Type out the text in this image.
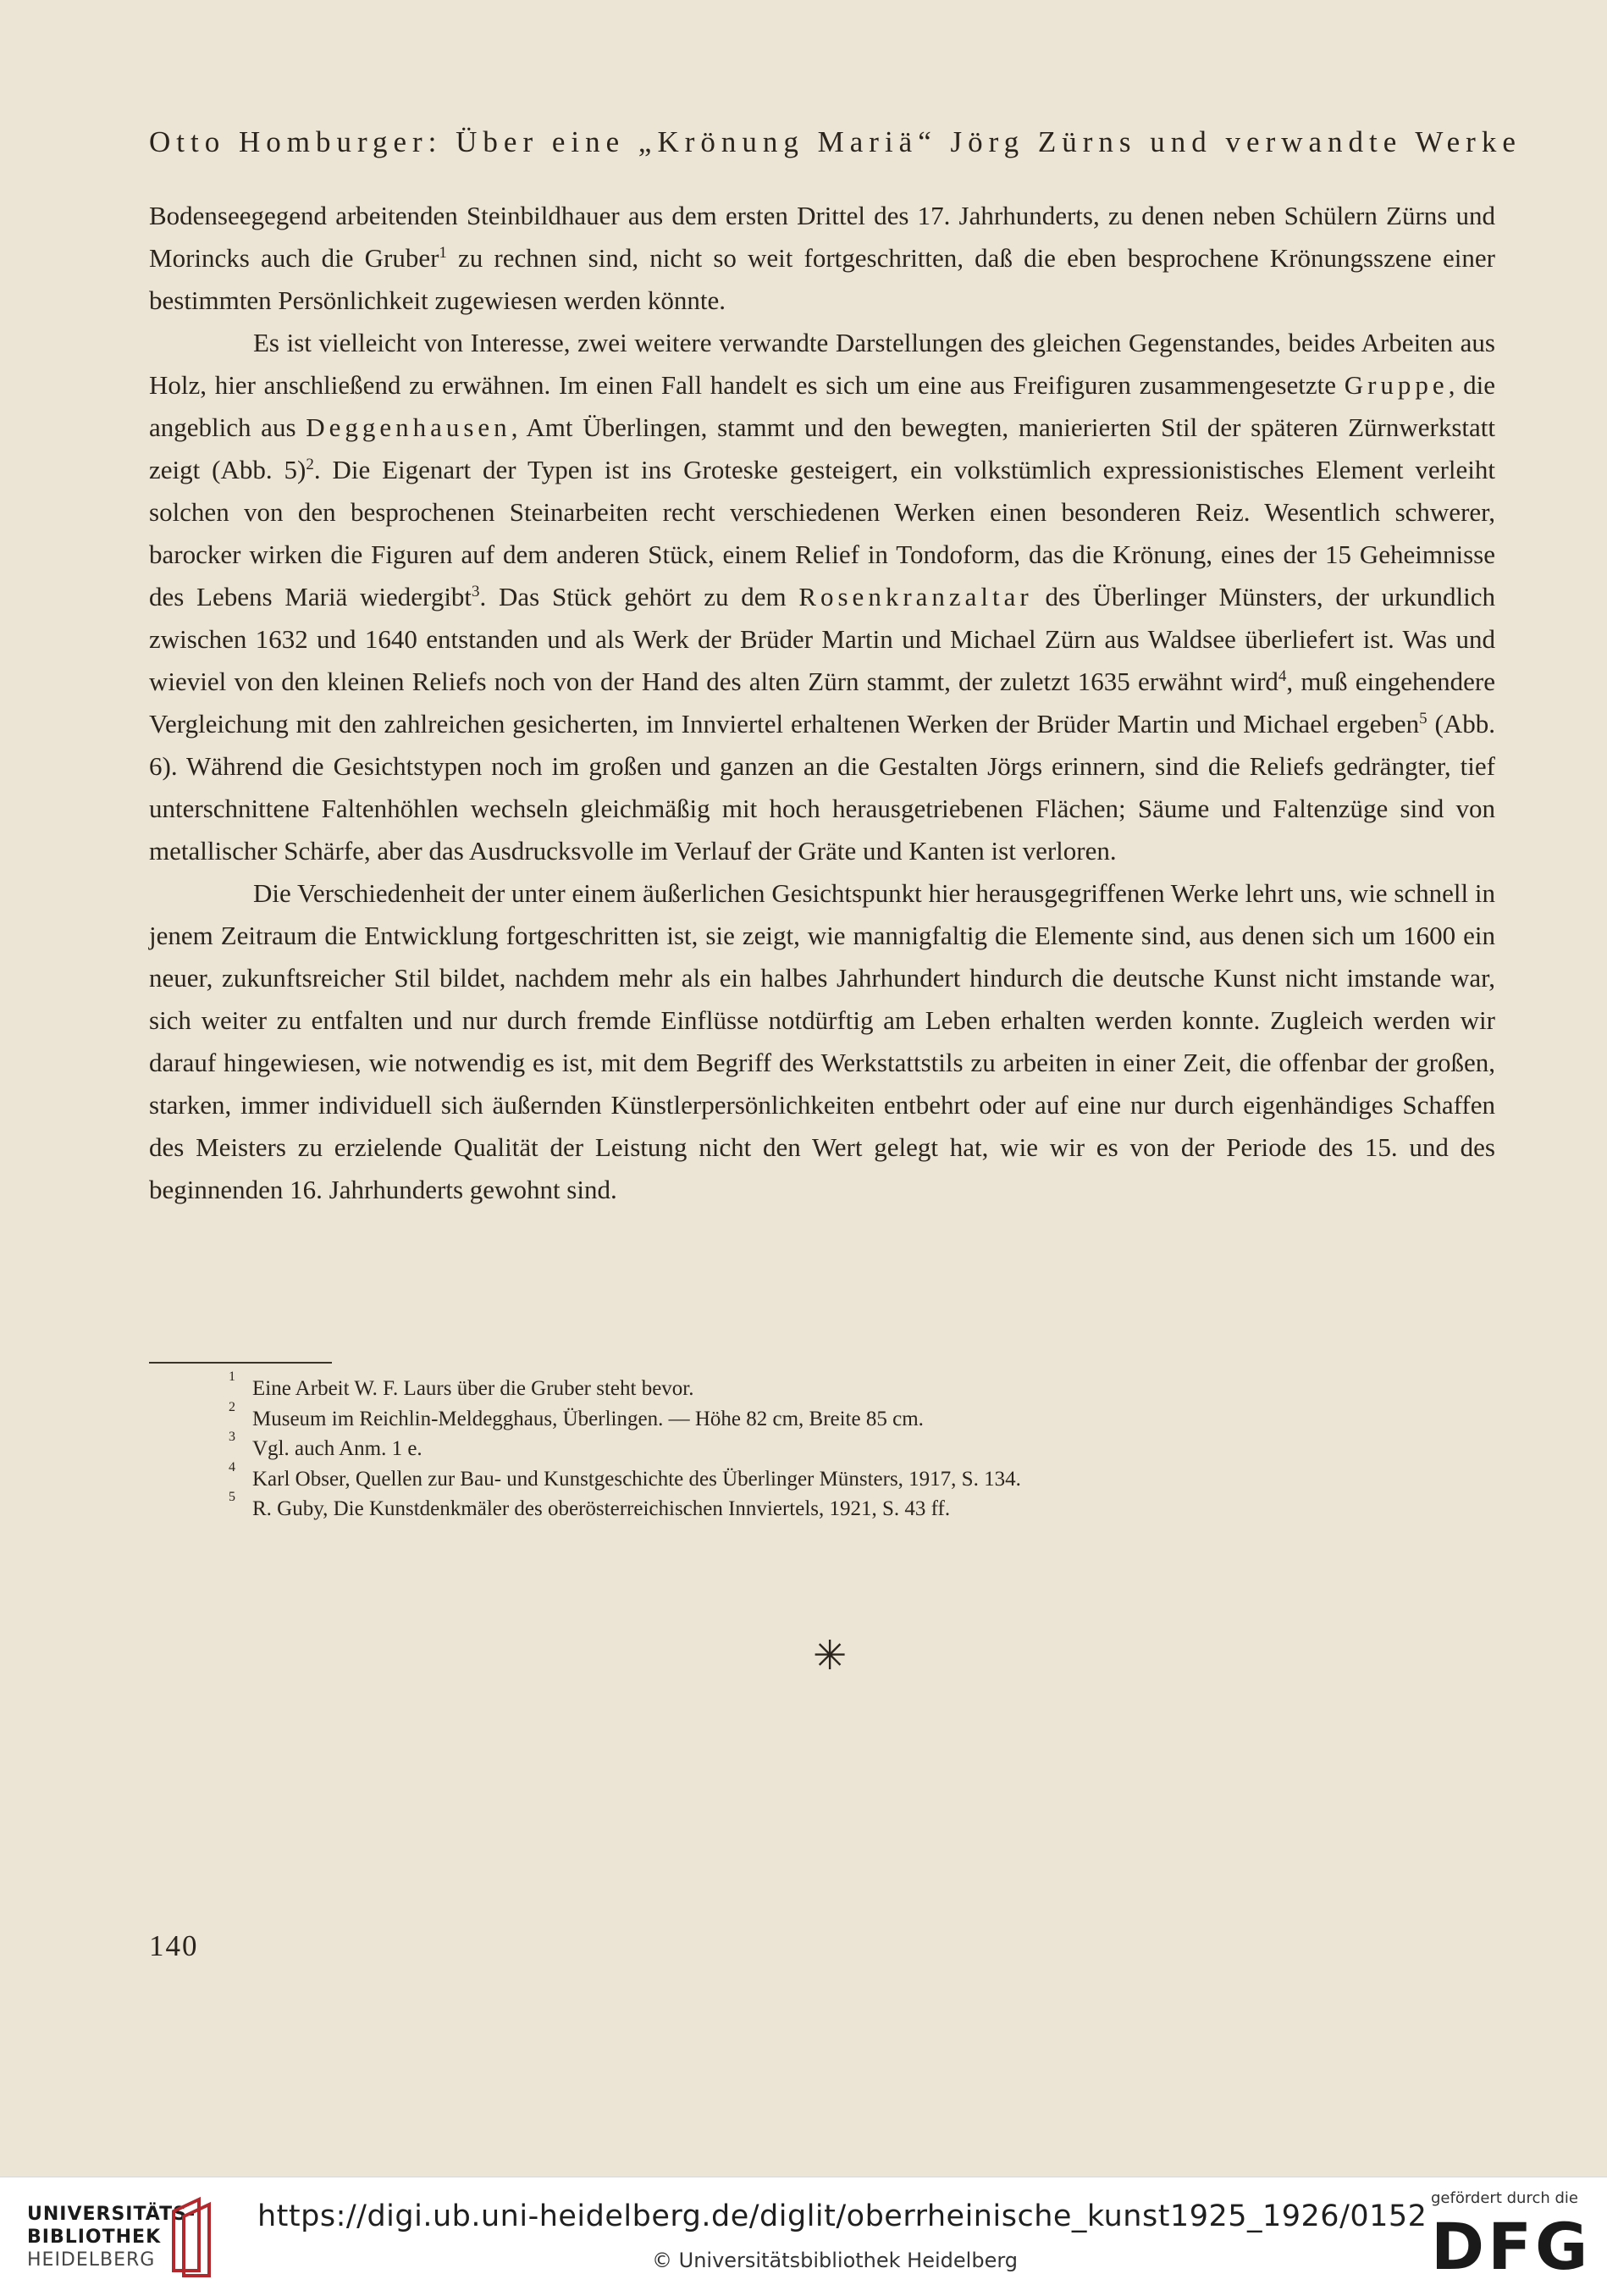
Otto Homburger: Über eine „Krönung Mariä“ Jörg Zürns und verwandte Werke

Bodenseegegend arbeitenden Steinbildhauer aus dem ersten Drittel des 17. Jahrhunderts, zu denen neben Schülern Zürns und Morincks auch die Gruber$^1$ zu rechnen sind, nicht so weit fortgeschritten, daß die eben besprochene Krönungsszene einer bestimmten Persönlichkeit zugewiesen werden könnte.

Es ist vielleicht von Interesse, zwei weitere verwandte Darstellungen des gleichen Gegenstandes, beides Arbeiten aus Holz, hier anschließend zu erwähnen. Im einen Fall handelt es sich um eine aus Freifiguren zusammengesetzte Gruppe, die angeblich aus Deggenhausen, Amt Überlingen, stammt und den bewegten, manierierten Stil der späteren Zürnwerkstatt zeigt (Abb. 5)$^2$. Die Eigenart der Typen ist ins Groteske gesteigert, ein volkstümlich expressionistisches Element verleiht solchen von den besprochenen Steinarbeiten recht verschiedenen Werken einen besonderen Reiz. Wesentlich schwerer, barocker wirken die Figuren auf dem anderen Stück, einem Relief in Tondoform, das die Krönung, eines der 15 Geheimnisse des Lebens Mariä wiedergibt$^3$. Das Stück gehört zu dem Rosenkranzaltar des Überlinger Münsters, der urkundlich zwischen 1632 und 1640 entstanden und als Werk der Brüder Martin und Michael Zürn aus Waldsee überliefert ist. Was und wieviel von den kleinen Reliefs noch von der Hand des alten Zürn stammt, der zuletzt 1635 erwähnt wird$^4$, muß eingehendere Vergleichung mit den zahlreichen gesicherten, im Innviertel erhaltenen Werken der Brüder Martin und Michael ergeben$^5$ (Abb. 6). Während die Gesichtstypen noch im großen und ganzen an die Gestalten Jörgs erinnern, sind die Reliefs gedrängter, tief unterschnittene Faltenhöhlen wechseln gleichmäßig mit hoch herausgetriebenen Flächen; Säume und Faltenzüge sind von metallischer Schärfe, aber das Ausdrucksvolle im Verlauf der Gräte und Kanten ist verloren.

Die Verschiedenheit der unter einem äußerlichen Gesichtspunkt hier herausgegriffenen Werke lehrt uns, wie schnell in jenem Zeitraum die Entwicklung fortgeschritten ist, sie zeigt, wie mannigfaltig die Elemente sind, aus denen sich um 1600 ein neuer, zukunftsreicher Stil bildet, nachdem mehr als ein halbes Jahrhundert hindurch die deutsche Kunst nicht imstande war, sich weiter zu entfalten und nur durch fremde Einflüsse notdürftig am Leben erhalten werden konnte. Zugleich werden wir darauf hingewiesen, wie notwendig es ist, mit dem Begriff des Werkstattstils zu arbeiten in einer Zeit, die offenbar der großen, starken, immer individuell sich äußernden Künstlerpersönlichkeiten entbehrt oder auf eine nur durch eigenhändiges Schaffen des Meisters zu erzielende Qualität der Leistung nicht den Wert gelegt hat, wie wir es von der Periode des 15. und des beginnenden 16. Jahrhunderts gewohnt sind.

1
Eine Arbeit W. F. Laurs über die Gruber steht bevor.
2
Museum im Reichlin-Meldegghaus, Überlingen. — Höhe 82 cm, Breite 85 cm.
3
Vgl. auch Anm. 1 e.
4
Karl Obser, Quellen zur Bau- und Kunstgeschichte des Überlinger Münsters, 1917, S. 134.
5
R. Guby, Die Kunstdenkmäler des oberösterreichischen Innviertels, 1921, S. 43 ff.
✳
140
UNIVERSITÄTS-
BIBLIOTHEK
HEIDELBERG
https://digi.ub.uni-heidelberg.de/diglit/oberrheinische_kunst1925_1926/0152
© Universitätsbibliothek Heidelberg
gefördert durch die
DFG
